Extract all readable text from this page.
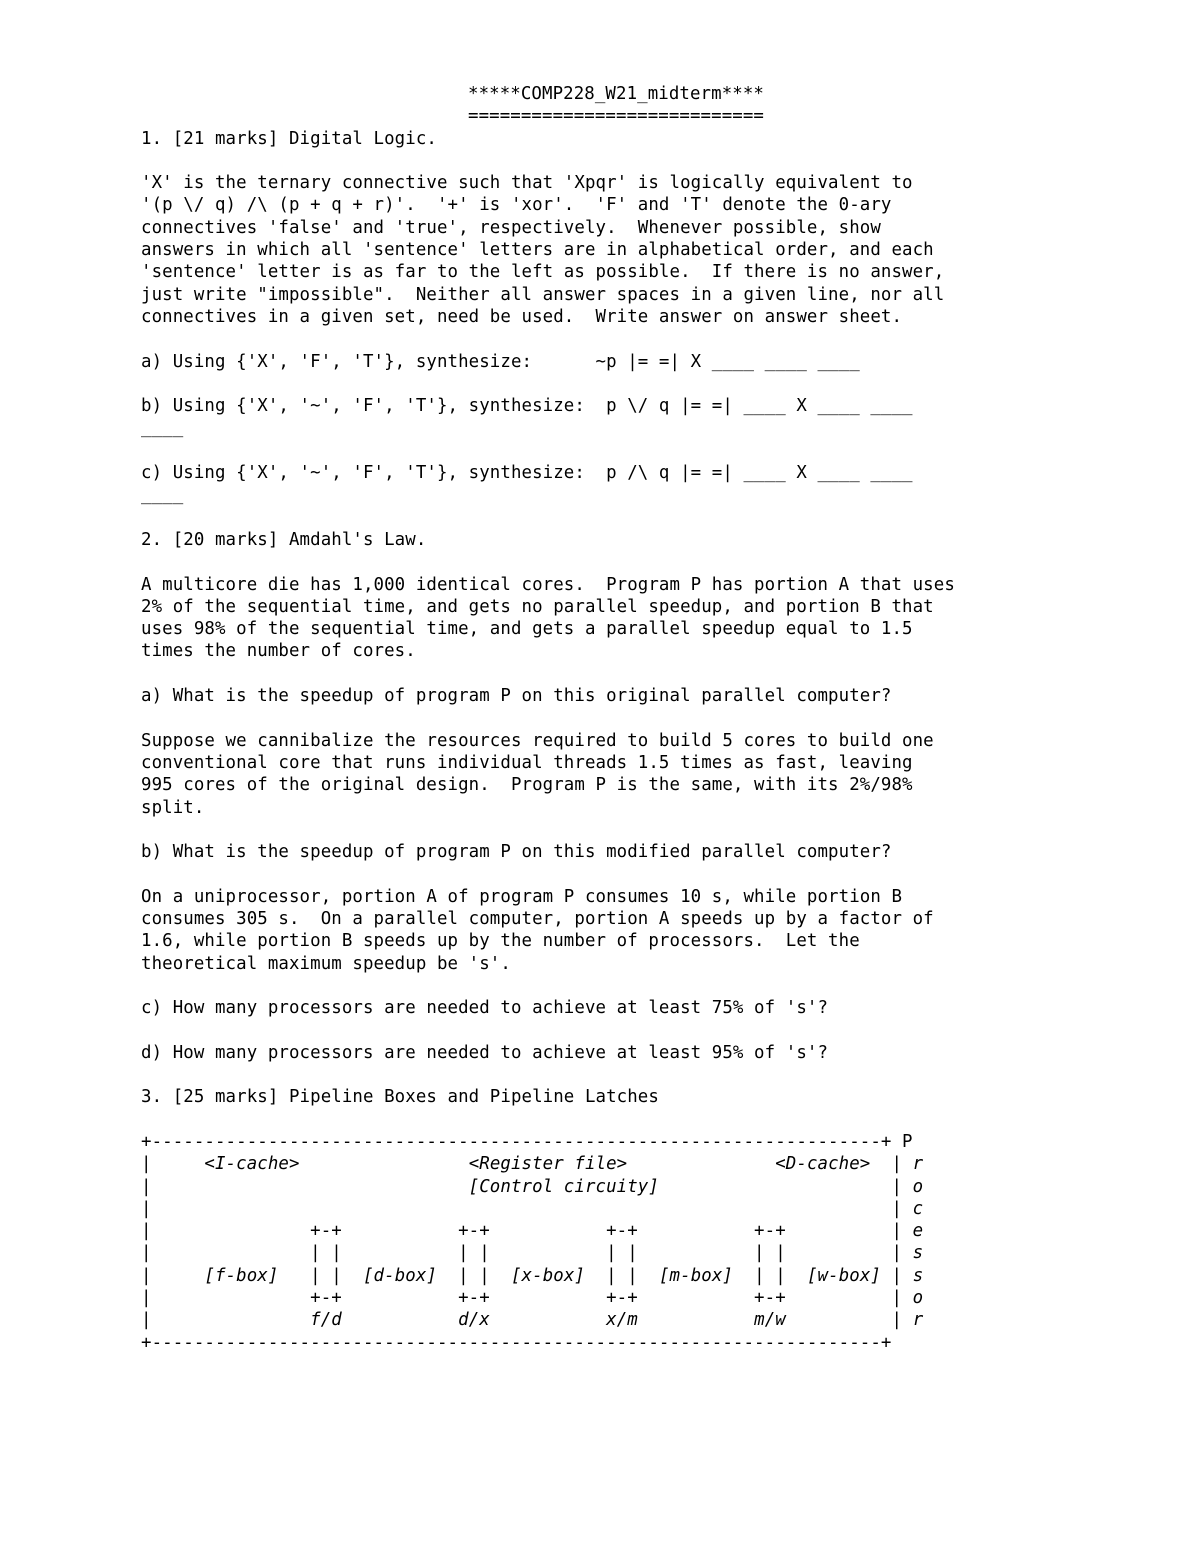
*****COMP228_W21_midterm****
============================
1. [21 marks] Digital Logic.
'X' is the ternary connective such that 'Xpqr' is logically equivalent to
'(p \/ q) /\ (p + q + r)'.  '+' is 'xor'.  'F' and 'T' denote the 0-ary
connectives 'false' and 'true', respectively.  Whenever possible, show
answers in which all 'sentence' letters are in alphabetical order, and each
'sentence' letter is as far to the left as possible.  If there is no answer,
just write "impossible".  Neither all answer spaces in a given line, nor all
connectives in a given set, need be used.  Write answer on answer sheet.
a) Using {'X', 'F', 'T'}, synthesize:      ~p |= =| X ____ ____ ____
b) Using {'X', '~', 'F', 'T'}, synthesize:  p \/ q |= =| ____ X ____ ____
____
c) Using {'X', '~', 'F', 'T'}, synthesize:  p /\ q |= =| ____ X ____ ____
____
2. [20 marks] Amdahl's Law.
A multicore die has 1,000 identical cores.  Program P has portion A that uses
2% of the sequential time, and gets no parallel speedup, and portion B that
uses 98% of the sequential time, and gets a parallel speedup equal to 1.5
times the number of cores.
a) What is the speedup of program P on this original parallel computer?
Suppose we cannibalize the resources required to build 5 cores to build one
conventional core that runs individual threads 1.5 times as fast, leaving
995 cores of the original design.  Program P is the same, with its 2%/98%
split.
b) What is the speedup of program P on this modified parallel computer?
On a uniprocessor, portion A of program P consumes 10 s, while portion B
consumes 305 s.  On a parallel computer, portion A speeds up by a factor of
1.6, while portion B speeds up by the number of processors.  Let the
theoretical maximum speedup be 's'.
c) How many processors are needed to achieve at least 75% of 's'?
d) How many processors are needed to achieve at least 95% of 's'?
3. [25 marks] Pipeline Boxes and Pipeline Latches
+---------------------------------------------------------------------+ P
|     <I-cache>	<Register file>	<D-cache>  | r
|                              [Control circuity]                      | o
|                                                                      | c
|               +-+           +-+           +-+           +-+          | e
|               | |           | |           | |           | |          | s
|     [f-box]   | |  [d-box]  | |  [x-box]  | |  [m-box]  | |  [w-box] | s
|               +-+           +-+           +-+           +-+          | o
|               f/d	d/x	x/m	m/w          | r
+---------------------------------------------------------------------+
